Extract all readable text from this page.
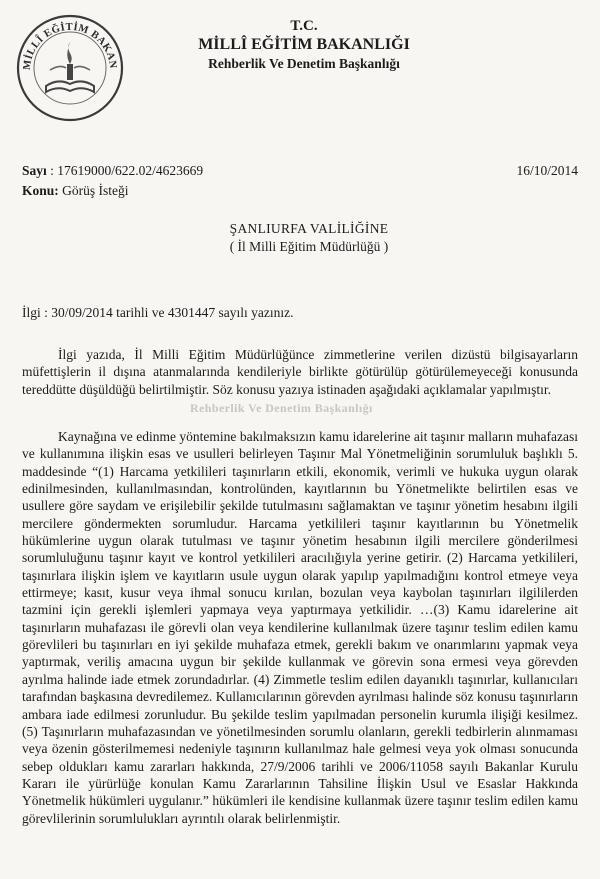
MİLLÎ EĞİTİM BAKAN
T.C.
MİLLÎ EĞİTİM BAKANLIĞI
Rehberlik Ve Denetim Başkanlığı
Sayı : 17619000/622.02/4623669	16/10/2014
Konu: Görüş İsteği
ŞANLIURFA VALİLİĞİNE
( İl Milli Eğitim Müdürlüğü )
İlgi : 30/09/2014 tarihli ve 4301447 sayılı yazınız.
Rehberlik Ve Denetim Başkanlığı

İlgi yazıda, İl Milli Eğitim Müdürlüğünce zimmetlerine verilen dizüstü bilgisayarların müfettişlerin il dışına atanmalarında kendileriyle birlikte götürülüp götürülemeyeceği konusunda tereddütte düşüldüğü belirtilmiştir. Söz konusu yazıya istinaden aşağıdaki açıklamalar yapılmıştır.

Kaynağına ve edinme yöntemine bakılmaksızın kamu idarelerine ait taşınır malların muhafazası ve kullanımına ilişkin esas ve usulleri belirleyen Taşınır Mal Yönetmeliğinin sorumluluk başlıklı 5. maddesinde “(1) Harcama yetkilileri taşınırların etkili, ekonomik, verimli ve hukuka uygun olarak edinilmesinden, kullanılmasından, kontrolünden, kayıtlarının bu Yönetmelikte belirtilen esas ve usullere göre saydam ve erişilebilir şekilde tutulmasını sağlamaktan ve taşınır yönetim hesabını ilgili mercilere göndermekten sorumludur. Harcama yetkilileri taşınır kayıtlarının bu Yönetmelik hükümlerine uygun olarak tutulması ve taşınır yönetim hesabının ilgili mercilere gönderilmesi sorumluluğunu taşınır kayıt ve kontrol yetkilileri aracılığıyla yerine getirir. (2) Harcama yetkilileri, taşınırlara ilişkin işlem ve kayıtların usule uygun olarak yapılıp yapılmadığını kontrol etmeye veya ettirmeye; kasıt, kusur veya ihmal sonucu kırılan, bozulan veya kaybolan taşınırları ilgililerden tazmini için gerekli işlemleri yapmaya veya yaptırmaya yetkilidir. …(3) Kamu idarelerine ait taşınırların muhafazası ile görevli olan veya kendilerine kullanılmak üzere taşınır teslim edilen kamu görevlileri bu taşınırları en iyi şekilde muhafaza etmek, gerekli bakım ve onarımlarını yapmak veya yaptırmak, veriliş amacına uygun bir şekilde kullanmak ve görevin sona ermesi veya görevden ayrılma halinde iade etmek zorundadırlar. (4) Zimmetle teslim edilen dayanıklı taşınırlar, kullanıcıları tarafından başkasına devredilemez. Kullanıcılarının görevden ayrılması halinde söz konusu taşınırların ambara iade edilmesi zorunludur. Bu şekilde teslim yapılmadan personelin kurumla ilişiği kesilmez. (5) Taşınırların muhafazasından ve yönetilmesinden sorumlu olanların, gerekli tedbirlerin alınmaması veya özenin gösterilmemesi nedeniyle taşınırın kullanılmaz hale gelmesi veya yok olması sonucunda sebep oldukları kamu zararları hakkında, 27/9/2006 tarihli ve 2006/11058 sayılı Bakanlar Kurulu Kararı ile yürürlüğe konulan Kamu Zararlarının Tahsiline İlişkin Usul ve Esaslar Hakkında Yönetmelik hükümleri uygulanır.” hükümleri ile kendisine kullanmak üzere taşınır teslim edilen kamu görevlilerinin sorumlulukları ayrıntılı olarak belirlenmiştir.
